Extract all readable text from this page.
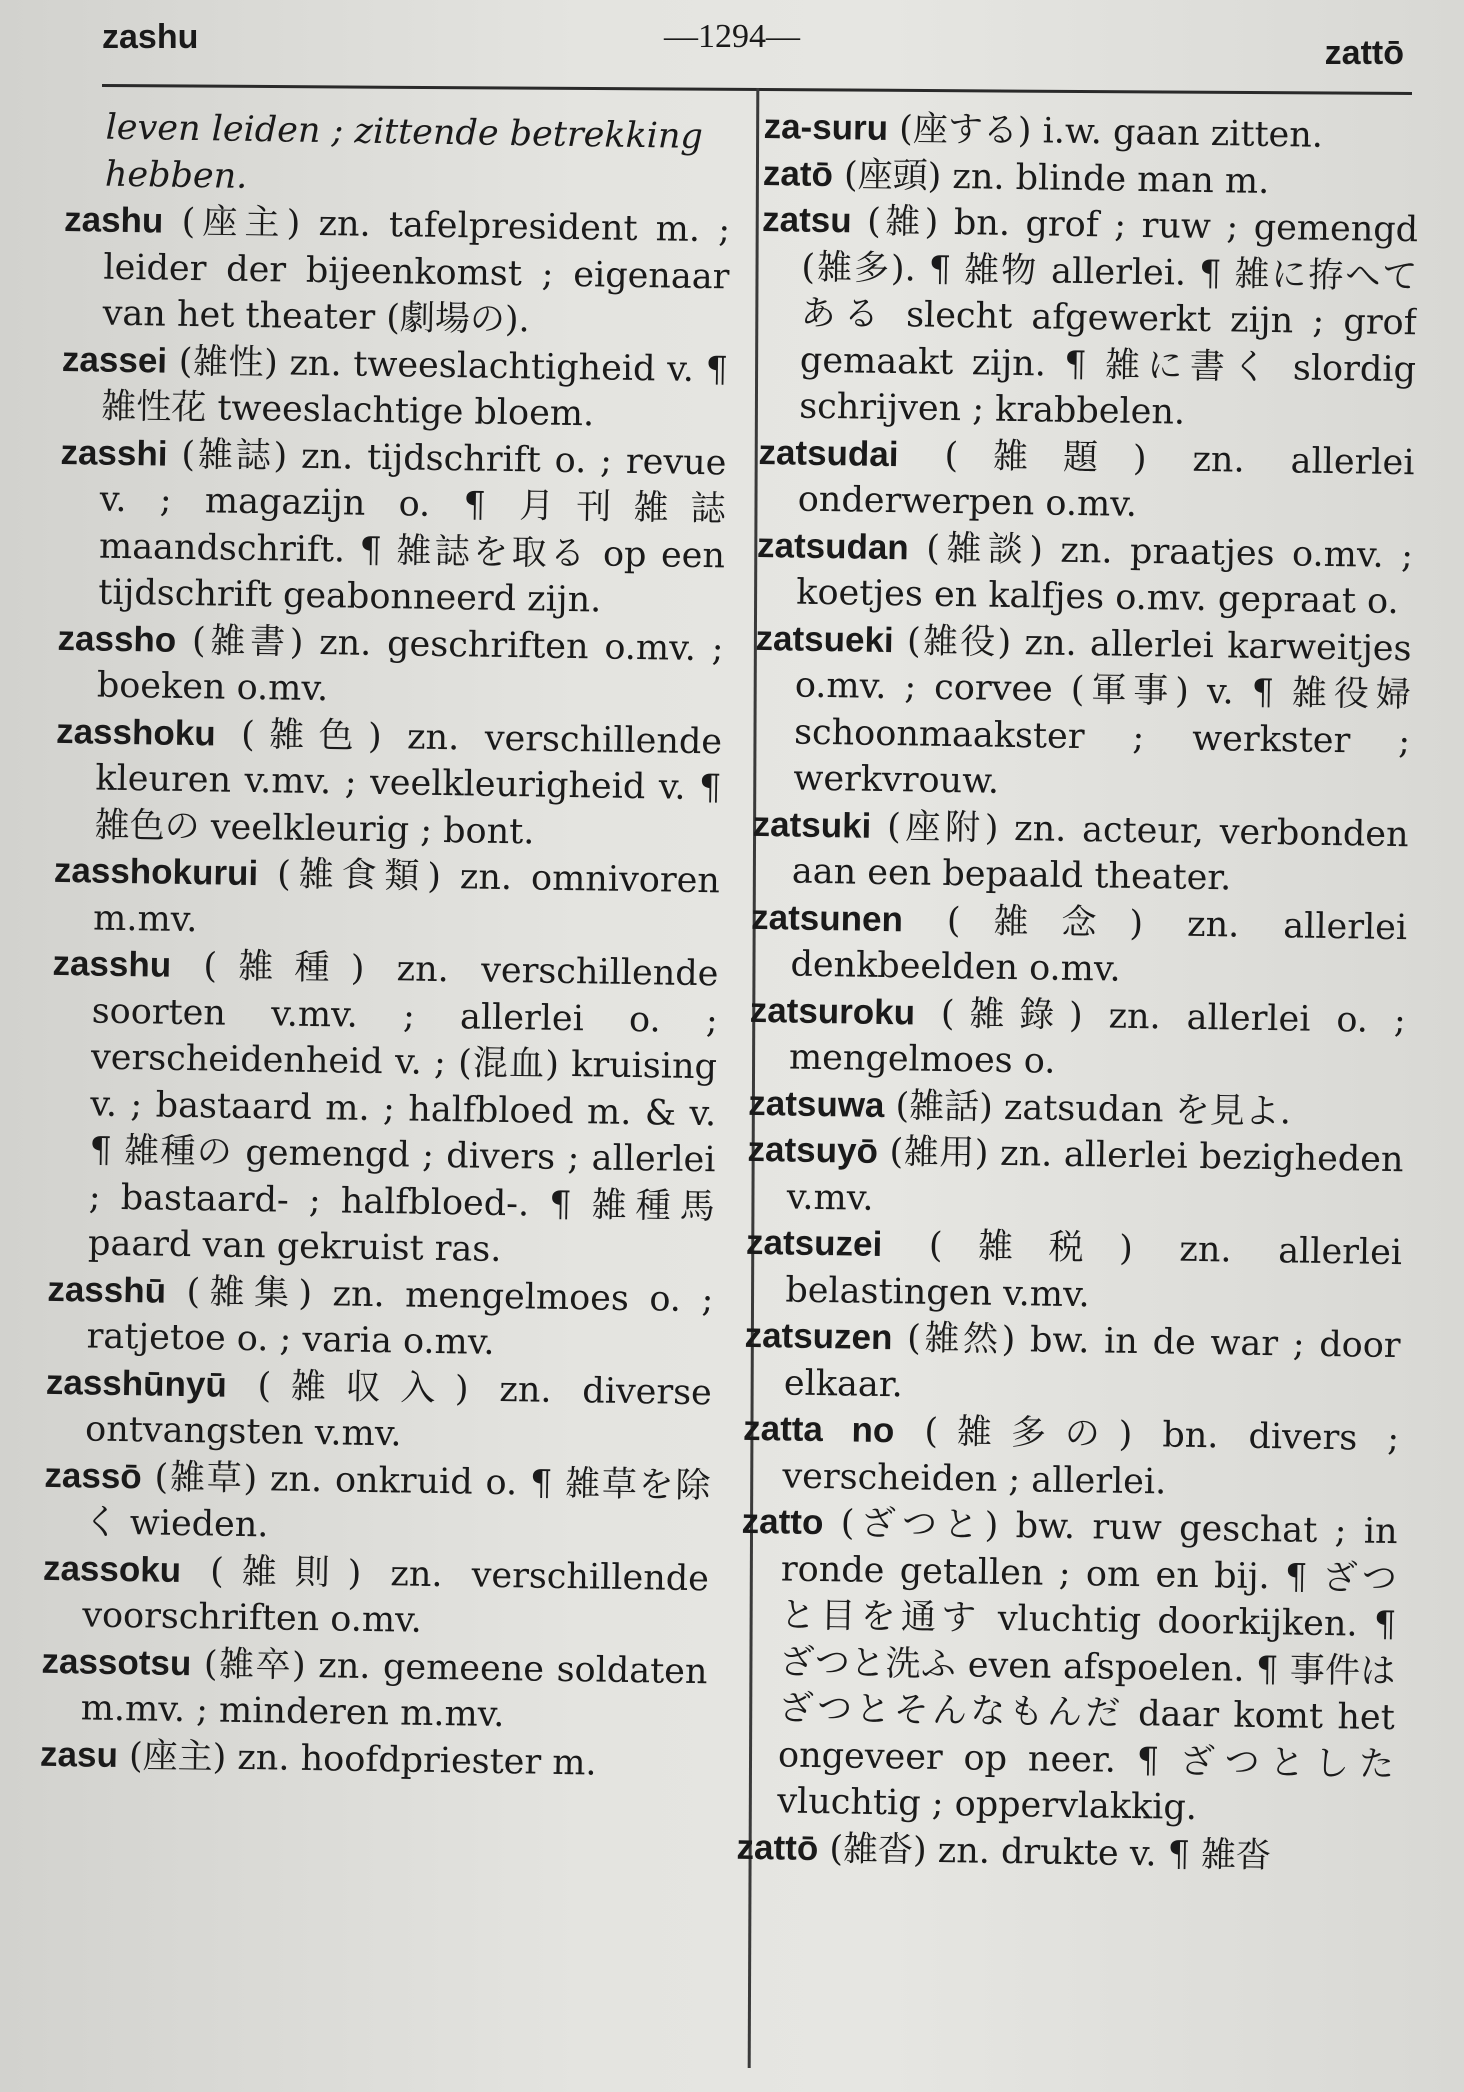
zashu	—1294—	zattō

leven leiden ; zittende betrekking hebben.

zashu (座主) zn. tafelpresident m. ; leider der bijeenkomst ; eigenaar van het theater (劇場の).

zassei (雑性) zn. tweeslachtigheid v. ¶ 雑性花 tweeslachtige bloem.

zasshi (雑誌) zn. tijdschrift o. ; revue v. ; magazijn o. ¶ 月刊雑誌 maandschrift. ¶ 雑誌を取る op een tijdschrift geabonneerd zijn.

zassho (雑書) zn. geschriften o.mv. ; boeken o.mv.

zasshoku (雑色) zn. verschillende kleuren v.mv. ; veelkleurigheid v. ¶ 雑色の veelkleurig ; bont.

zasshokurui (雑食類) zn. omnivoren m.mv.

zasshu (雑種) zn. verschillende soorten v.mv. ; allerlei o. ; verscheidenheid v. ; (混血) kruising v. ; bastaard m. ; halfbloed m. & v. ¶ 雑種の gemengd ; divers ; allerlei ; bastaard- ; halfbloed-. ¶ 雑種馬 paard van gekruist ras.

zasshū (雑集) zn. mengelmoes o. ; ratjetoe o. ; varia o.mv.

zasshūnyū (雑収入) zn. diverse ontvangsten v.mv.

zassō (雑草) zn. onkruid o. ¶ 雑草を除く wieden.

zassoku (雑則) zn. verschillende voorschriften o.mv.

zassotsu (雑卒) zn. gemeene soldaten m.mv. ; minderen m.mv.

zasu (座主) zn. hoofdpriester m.

za-suru (座する) i.w. gaan zitten.

zatō (座頭) zn. blinde man m.

zatsu (雑) bn. grof ; ruw ; gemengd (雑多). ¶ 雑物 allerlei. ¶ 雑に拵へてある slecht afgewerkt zijn ; grof gemaakt zijn. ¶ 雑に書く slordig schrijven ; krabbelen.

zatsudai (雑題) zn. allerlei onderwerpen o.mv.

zatsudan (雑談) zn. praatjes o.mv. ; koetjes en kalfjes o.mv. gepraat o.

zatsueki (雑役) zn. allerlei karweitjes o.mv. ; corvee (軍事) v. ¶ 雑役婦 schoonmaakster ; werkster ; werkvrouw.

zatsuki (座附) zn. acteur, verbonden aan een bepaald theater.

zatsunen (雑念) zn. allerlei denkbeelden o.mv.

zatsuroku (雑錄) zn. allerlei o. ; mengelmoes o.

zatsuwa (雑話) zatsudan を見よ.

zatsuyō (雑用) zn. allerlei bezigheden v.mv.

zatsuzei (雑税) zn. allerlei belastingen v.mv.

zatsuzen (雑然) bw. in de war ; door elkaar.

zatta no (雑多の) bn. divers ; verscheiden ; allerlei.

zatto (ざつと) bw. ruw geschat ; in ronde getallen ; om en bij. ¶ ざつと目を通す vluchtig doorkijken. ¶ ざつと洗ふ even afspoelen. ¶ 事件はざつとそんなもんだ daar komt het ongeveer op neer. ¶ ざつとした vluchtig ; oppervlakkig.

zattō (雑沓) zn. drukte v. ¶ 雑沓
